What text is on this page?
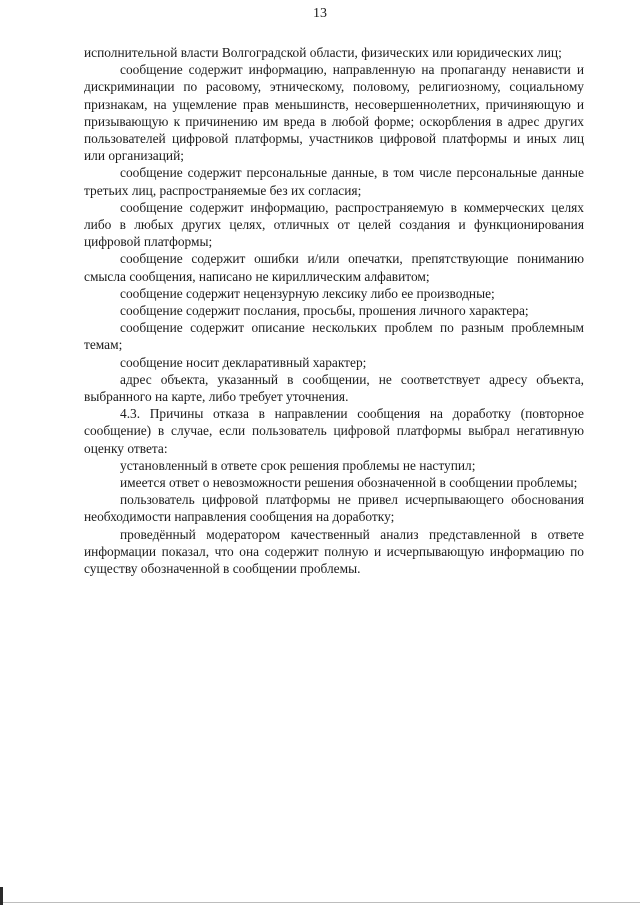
13

исполнительной власти Волгоградской области, физических или юридических лиц;

сообщение содержит информацию, направленную на пропаганду ненависти и дискриминации по расовому, этническому, половому, религиозному, социальному признакам, на ущемление прав меньшинств, несовершеннолетних, причиняющую и призывающую к причинению им вреда в любой форме; оскорбления в адрес других пользователей цифровой платформы, участников цифровой платформы и иных лиц или организаций;

сообщение содержит персональные данные, в том числе персональные данные третьих лиц, распространяемые без их согласия;

сообщение содержит информацию, распространяемую в коммерческих целях либо в любых других целях, отличных от целей создания и функционирования цифровой платформы;

сообщение содержит ошибки и/или опечатки, препятствующие пониманию смысла сообщения, написано не кириллическим алфавитом;

сообщение содержит нецензурную лексику либо ее производные;

сообщение содержит послания, просьбы, прошения личного характера;

сообщение содержит описание нескольких проблем по разным проблемным темам;

сообщение носит декларативный характер;

адрес объекта, указанный в сообщении, не соответствует адресу объекта, выбранного на карте, либо требует уточнения.

4.3. Причины отказа в направлении сообщения на доработку (повторное сообщение) в случае, если пользователь цифровой платформы выбрал негативную оценку ответа:

установленный в ответе срок решения проблемы не наступил;

имеется ответ о невозможности решения обозначенной в сообщении проблемы;

пользователь цифровой платформы не привел исчерпывающего обоснования необходимости направления сообщения на доработку;

проведённый модератором качественный анализ представленной в ответе информации показал, что она содержит полную и исчерпывающую информацию по существу обозначенной в сообщении проблемы.
